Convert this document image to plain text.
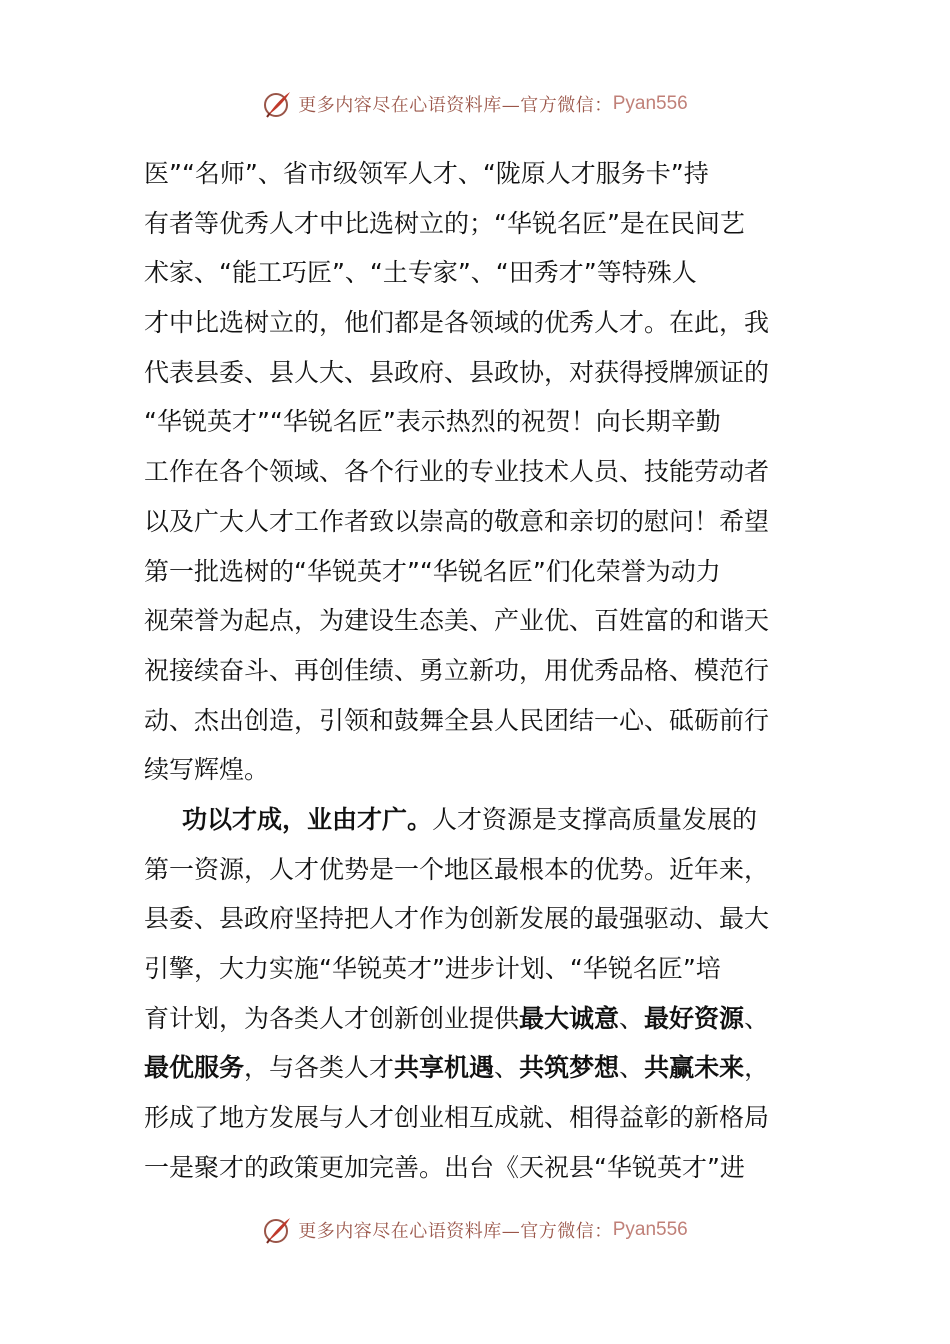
更多内容尽在心语资料库—官方微信： Pyan556
医”“名师”、省市级领军人才、“陇原人才服务卡”持
有者等优秀人才中比选树立的；“华锐名匠”是在民间艺
术家、“能工巧匠”、“土专家”、“田秀才”等特殊人
才中比选树立的，他们都是各领域的优秀人才。在此，我
代表县委、县人大、县政府、县政协，对获得授牌颁证的
“华锐英才”“华锐名匠”表示热烈的祝贺！向长期辛勤
工作在各个领域、各个行业的专业技术人员、技能劳动者
以及广大人才工作者致以崇高的敬意和亲切的慰问！希望
第一批选树的“华锐英才”“华锐名匠”们化荣誉为动力
视荣誉为起点，为建设生态美、产业优、百姓富的和谐天
祝接续奋斗、再创佳绩、勇立新功，用优秀品格、模范行
动、杰出创造，引领和鼓舞全县人民团结一心、砥砺前行
续写辉煌。
功以才成，业由才广。人才资源是支撑高质量发展的
第一资源，人才优势是一个地区最根本的优势。近年来，
县委、县政府坚持把人才作为创新发展的最强驱动、最大
引擎，大力实施“华锐英才”进步计划、“华锐名匠”培
育计划，为各类人才创新创业提供最大诚意、最好资源、
最优服务，与各类人才共享机遇、共筑梦想、共赢未来，
形成了地方发展与人才创业相互成就、相得益彰的新格局
一是聚才的政策更加完善。出台《天祝县“华锐英才”进
更多内容尽在心语资料库—官方微信： Pyan556
